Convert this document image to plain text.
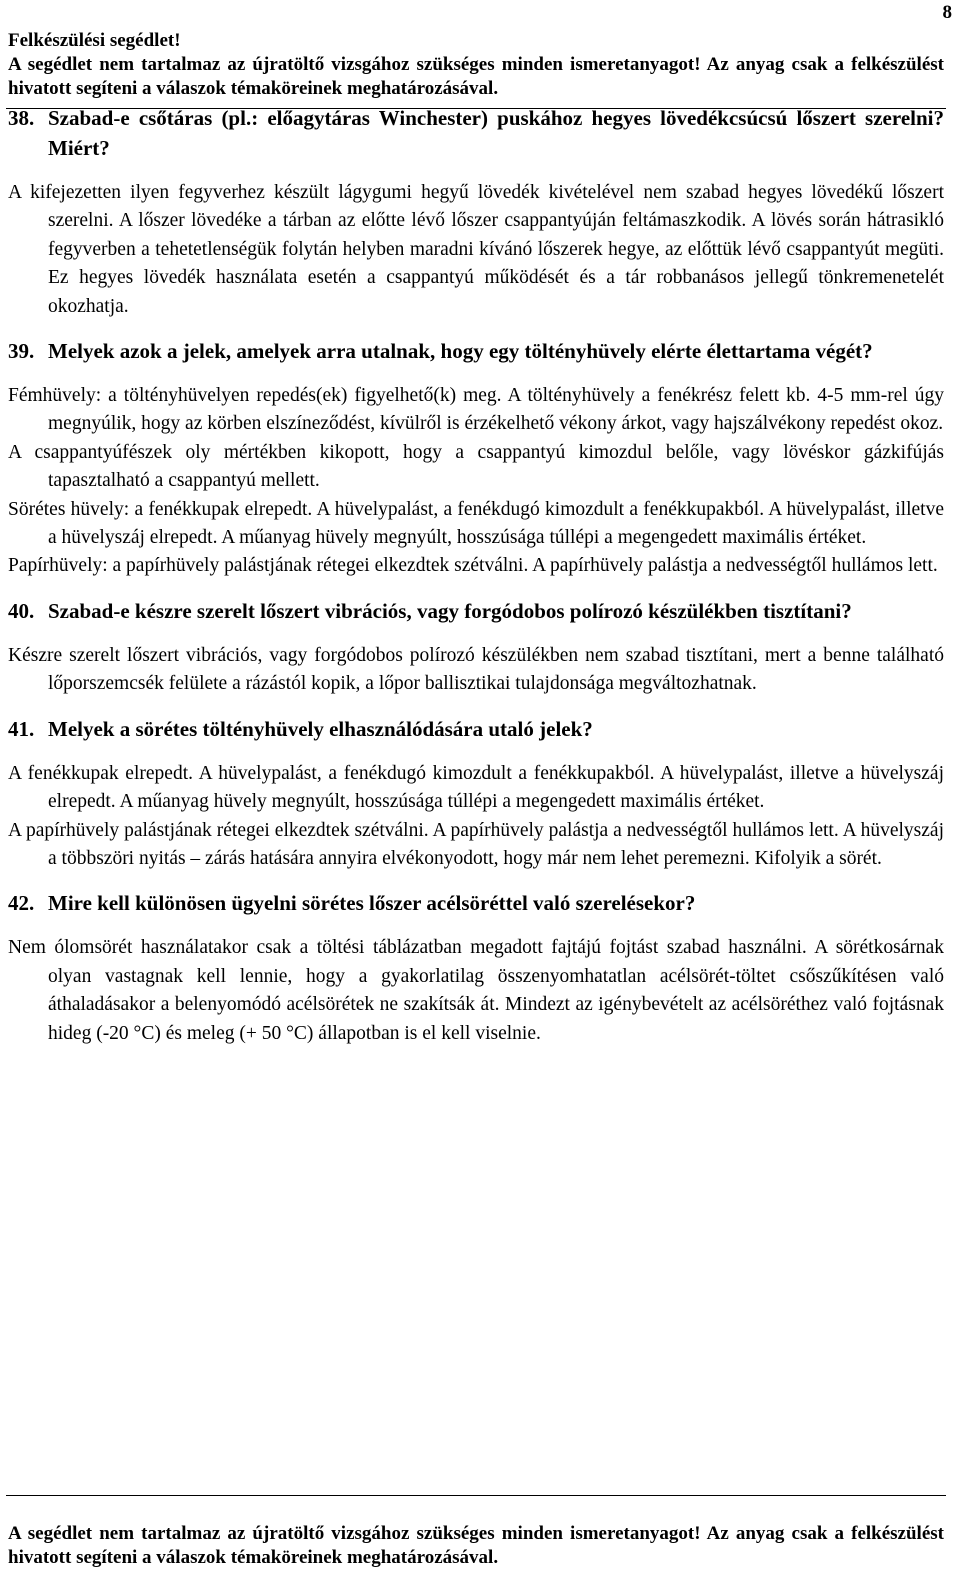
8
Felkészülési segédlet!
A segédlet nem tartalmaz az újratöltő vizsgához szükséges minden ismeretanyagot! Az anyag csak a felkészülést hivatott segíteni a válaszok témaköreinek meghatározásával.
38. Szabad-e csőtáras (pl.: előagytáras Winchester) puskához hegyes lövedékcsúcsú lőszert szerelni? Miért?

A kifejezetten ilyen fegyverhez készült lágygumi hegyű lövedék kivételével nem szabad hegyes lövedékű lőszert szerelni. A lőszer lövedéke a tárban az előtte lévő lőszer csappantyúján feltámaszkodik. A lövés során hátrasikló fegyverben a tehetetlenségük folytán helyben maradni kívánó lőszerek hegye, az előttük lévő csappantyút megüti. Ez hegyes lövedék használata esetén a csappantyú működését és a tár robbanásos jellegű tönkremenetelét okozhatja.

39. Melyek azok a jelek, amelyek arra utalnak, hogy egy töltényhüvely elérte élettartama végét?

Fémhüvely: a töltényhüvelyen repedés(ek) figyelhető(k) meg. A töltényhüvely a fenékrész felett kb. 4-5 mm-rel úgy megnyúlik, hogy az körben elszíneződést, kívülről is érzékelhető vékony árkot, vagy hajszálvékony repedést okoz.

A csappantyúfészek oly mértékben kikopott, hogy a csappantyú kimozdul belőle, vagy lövéskor gázkifújás tapasztalható a csappantyú mellett.

Sörétes hüvely: a fenékkupak elrepedt. A hüvelypalást, a fenékdugó kimozdult a fenékkupakból. A hüvelypalást, illetve a hüvelyszáj elrepedt. A műanyag hüvely megnyúlt, hosszúsága túllépi a megengedett maximális értéket.

Papírhüvely: a papírhüvely palástjának rétegei elkezdtek szétválni. A papírhüvely palástja a nedvességtől hullámos lett.

40. Szabad-e készre szerelt lőszert vibrációs, vagy forgódobos polírozó készülékben tisztítani?

Készre szerelt lőszert vibrációs, vagy forgódobos polírozó készülékben nem szabad tisztítani, mert a benne található lőporszemcsék felülete a rázástól kopik, a lőpor ballisztikai tulajdonsága megváltozhatnak.

41. Melyek a sörétes töltényhüvely elhasználódására utaló jelek?

A fenékkupak elrepedt. A hüvelypalást, a fenékdugó kimozdult a fenékkupakból. A hüvelypalást, illetve a hüvelyszáj elrepedt. A műanyag hüvely megnyúlt, hosszúsága túllépi a megengedett maximális értéket.

A papírhüvely palástjának rétegei elkezdtek szétválni. A papírhüvely palástja a nedvességtől hullámos lett. A hüvelyszáj a többszöri nyitás – zárás hatására annyira elvékonyodott, hogy már nem lehet peremezni. Kifolyik a sörét.

42. Mire kell különösen ügyelni sörétes lőszer acélsöréttel való szerelésekor?

Nem ólomsörét használatakor csak a töltési táblázatban megadott fajtájú fojtást szabad használni. A sörétkosárnak olyan vastagnak kell lennie, hogy a gyakorlatilag összenyomhatatlan acélsörét-töltet csőszűkítésen való áthaladásakor a belenyomódó acélsörétek ne szakítsák át. Mindezt az igénybevételt az acélsöréthez való fojtásnak hideg (-20 °C) és meleg (+ 50 °C) állapotban is el kell viselnie.

A segédlet nem tartalmaz az újratöltő vizsgához szükséges minden ismeretanyagot! Az anyag csak a felkészülést hivatott segíteni a válaszok témaköreinek meghatározásával.
